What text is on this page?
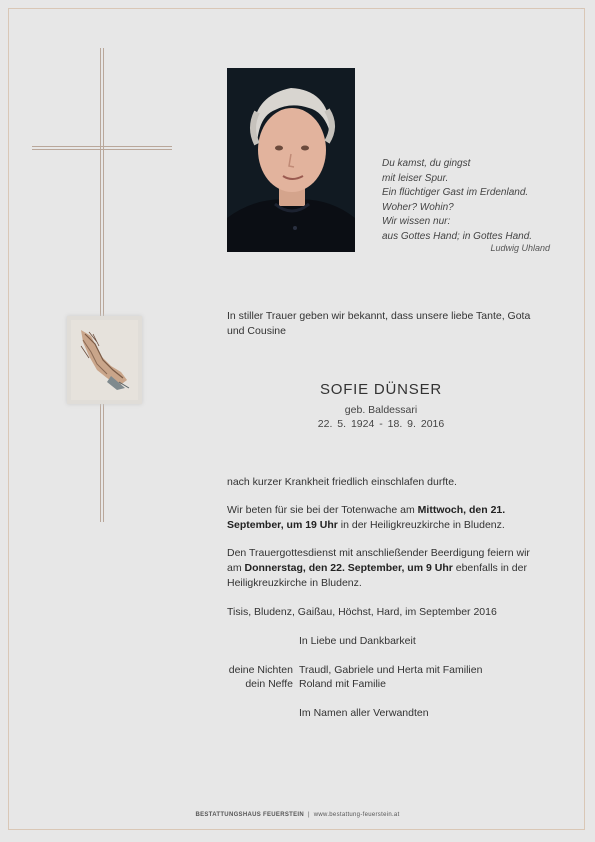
·
Du kamst, du gingst
mit leiser Spur.
Ein flüchtiger Gast im Erdenland.
Woher? Wohin?
Wir wissen nur:
aus Gottes Hand; in Gottes Hand.
Ludwig Uhland
In stiller Trauer geben wir bekannt, dass unsere liebe Tante, Gota und Cousine
SOFIE DÜNSER
geb. Baldessari
22. 5. 1924 - 18. 9. 2016
nach kurzer Krankheit friedlich einschlafen durfte.
Wir beten für sie bei der Totenwache am Mittwoch, den 21. September, um 19 Uhr in der Heiligkreuzkirche in Bludenz.
Den Trauergottesdienst mit anschließender Beerdigung feiern wir am Donnerstag, den 22. September, um 9 Uhr ebenfalls in der Heiligkreuzkirche in Bludenz.
Tisis, Bludenz, Gaißau, Höchst, Hard, im September 2016
In Liebe und Dankbarkeit
deine Nichten Traudl, Gabriele und Herta mit Familien
dein Neffe Roland mit Familie
Im Namen aller Verwandten
BESTATTUNGSHAUS FEUERSTEIN | www.bestattung-feuerstein.at
